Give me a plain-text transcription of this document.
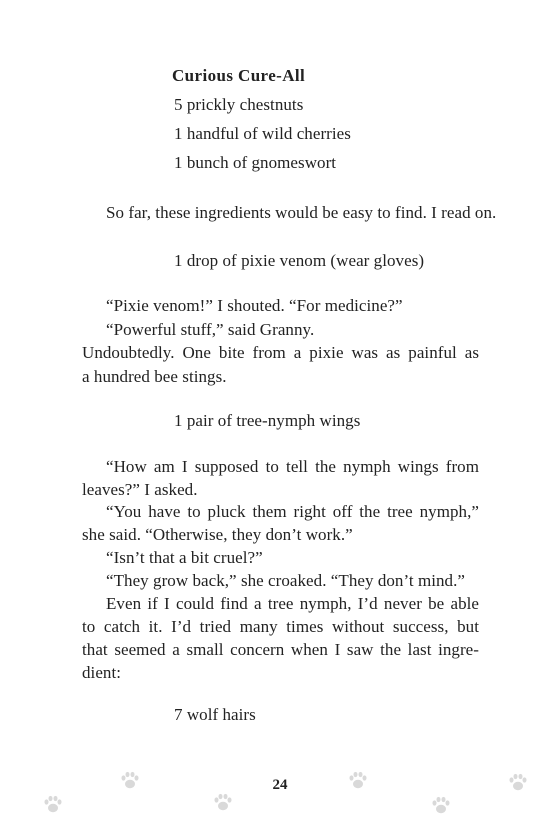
Curious Cure-All
5 prickly chestnuts
1 handful of wild cherries
1 bunch of gnomeswort
So far, these ingredients would be easy to find. I read on.
1 drop of pixie venom (wear gloves)
“Pixie venom!” I shouted. “For medicine?”
“Powerful stuff,” said Granny.
Undoubtedly. One bite from a pixie was as painful as
a hundred bee stings.
1 pair of tree-nymph wings
“How am I supposed to tell the nymph wings from
leaves?” I asked.
“You have to pluck them right off the tree nymph,”
she said. “Otherwise, they don’t work.”
“Isn’t that a bit cruel?”
“They grow back,” she croaked. “They don’t mind.”
Even if I could find a tree nymph, I’d never be able
to catch it. I’d tried many times without success, but
that seemed a small concern when I saw the last ingre-
dient:
7 wolf hairs
24
